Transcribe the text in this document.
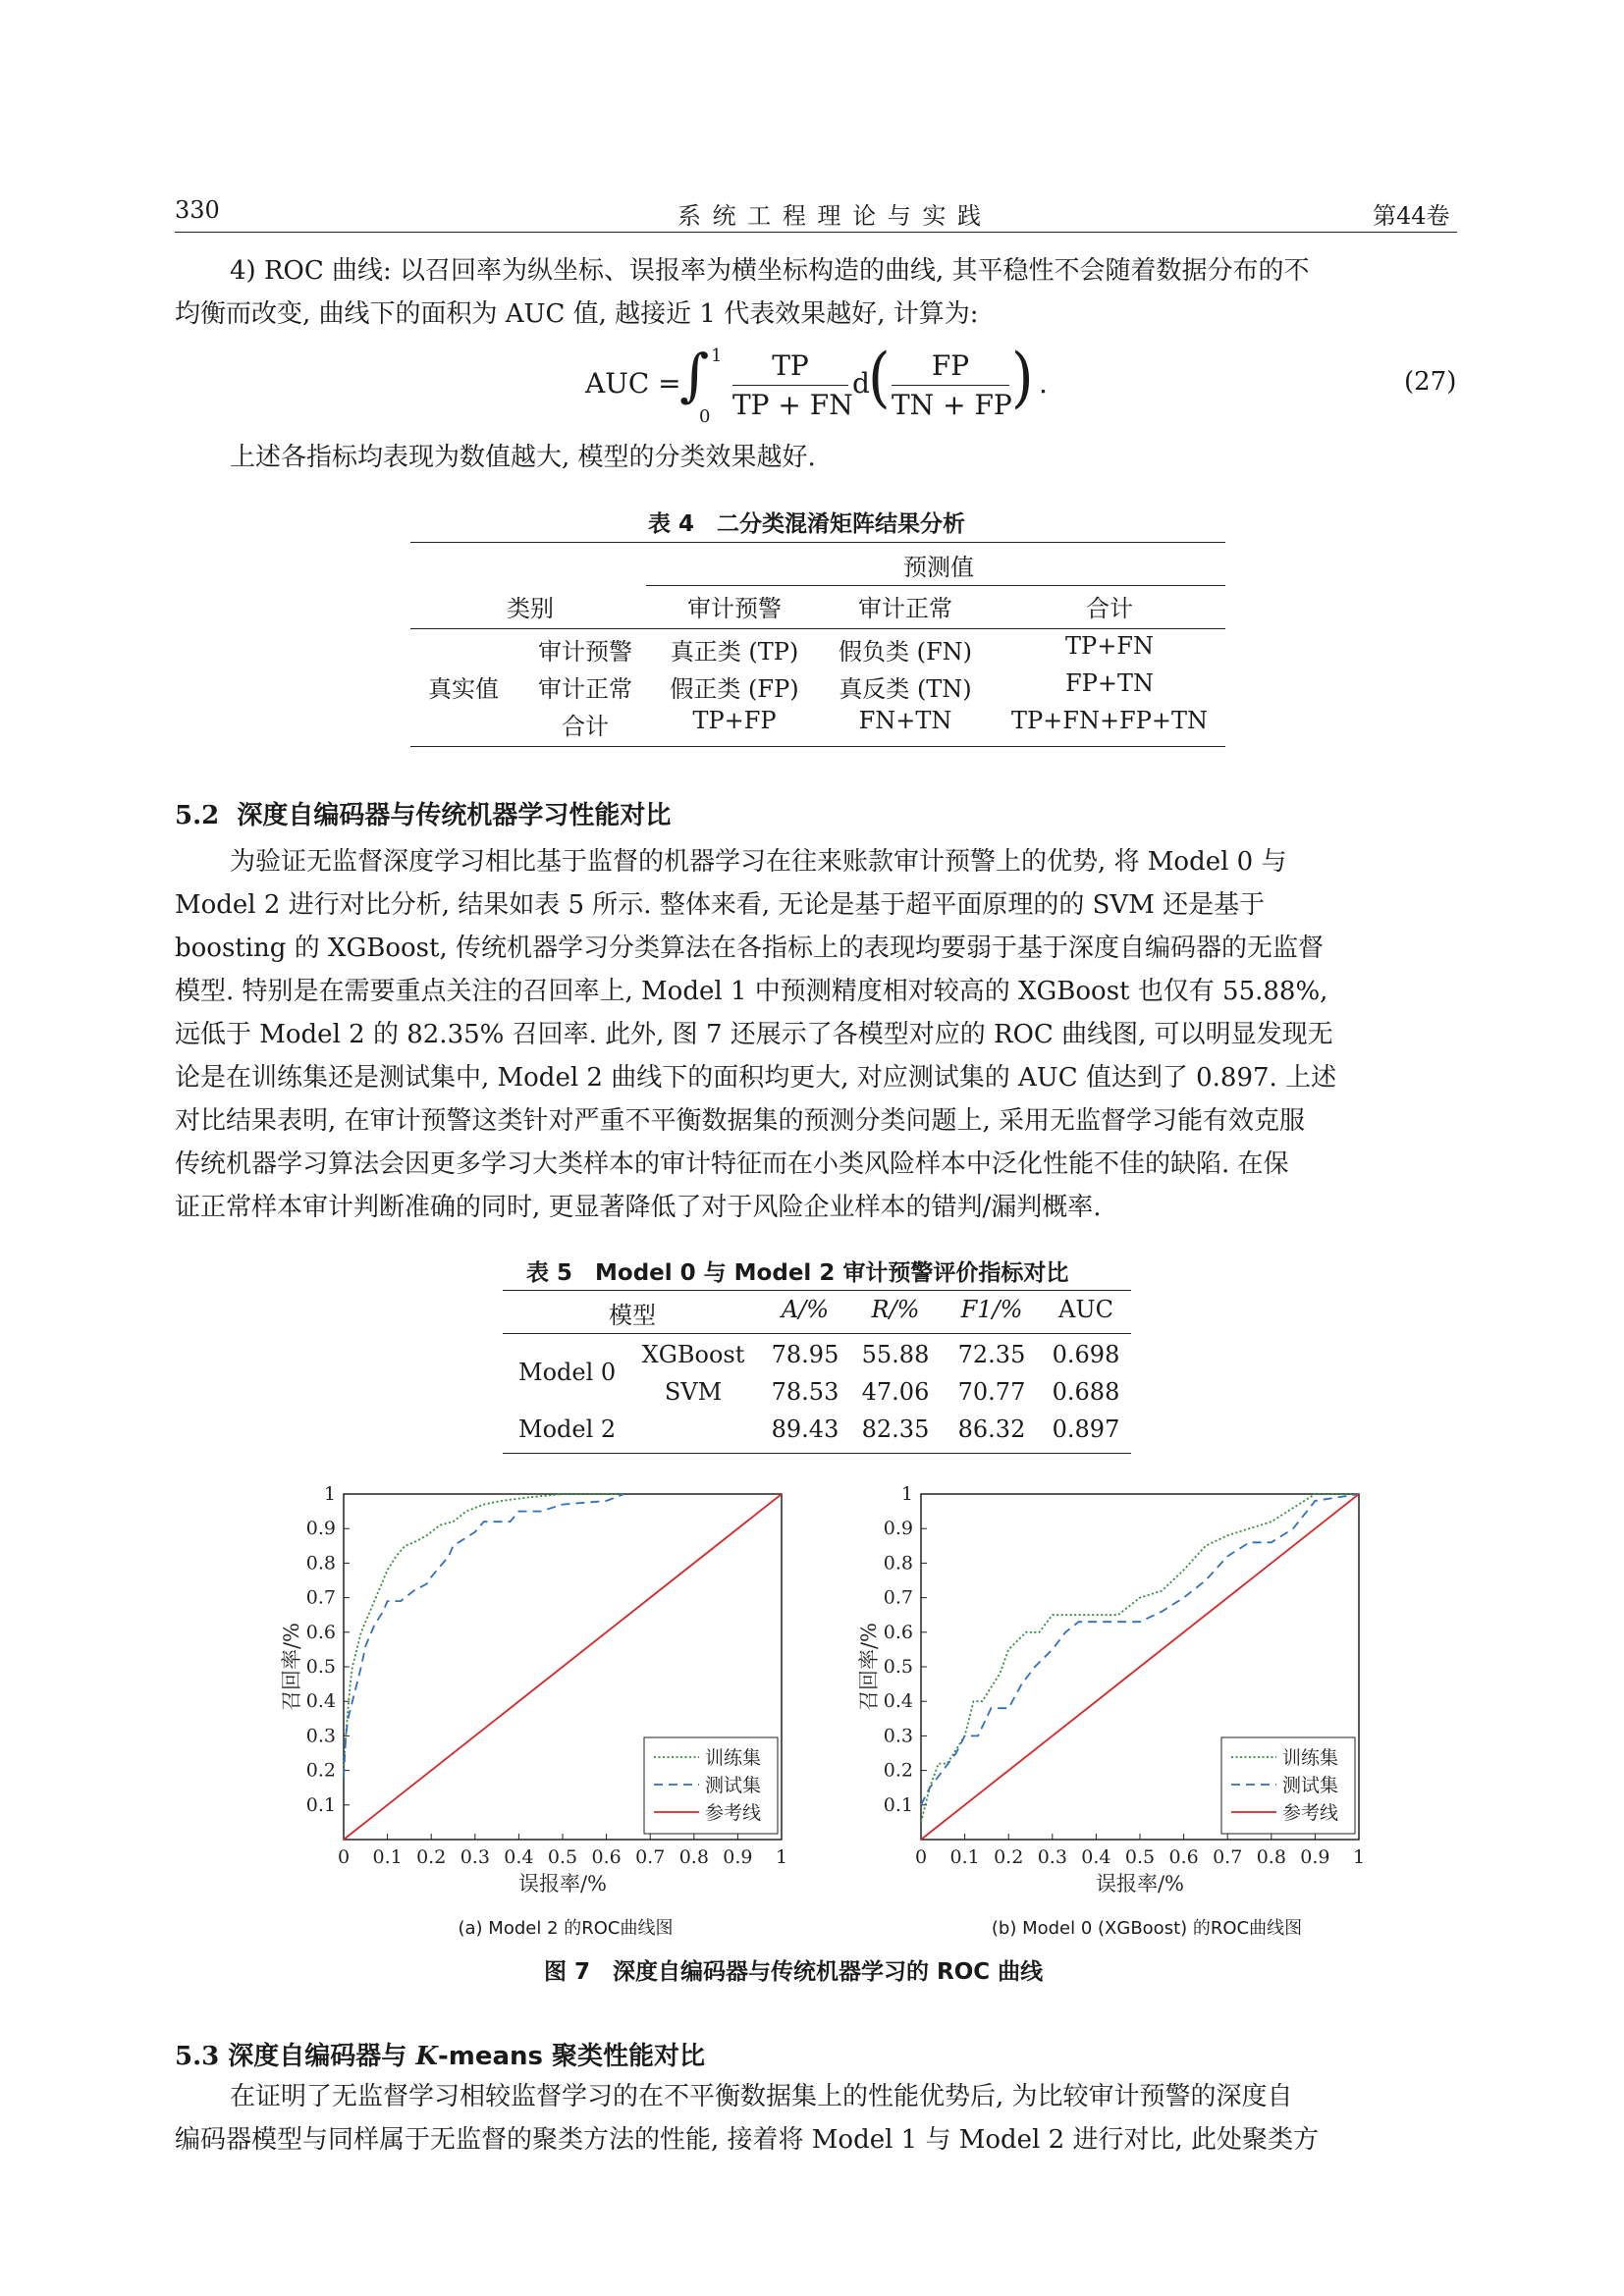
330	系 统 工 程 理 论 与 实 践	第44卷
4) ROC 曲线: 以召回率为纵坐标、误报率为横坐标构造的曲线, 其平稳性不会随着数据分布的不
均衡而改变, 曲线下的面积为 AUC 值, 越接近 1 代表效果越好, 计算为:
AUC =
∫ 1
0
TP
TP + FN
d
(	FP
TN + FP ) .	(27)
上述各指标均表现为数值越大, 模型的分类效果越好.
表 4　二分类混淆矩阵结果分析
预测值
类别	审计预警	审计正常	合计
真实值
审计预警 真正类 (TP) 假负类 (FN)	TP+FN
审计正常 假正类 (FP) 真反类 (TN)	FP+TN
合计	TP+FP	FN+TN	TP+FN+FP+TN
5.2 深度自编码器与传统机器学习性能对比
为验证无监督深度学习相比基于监督的机器学习在往来账款审计预警上的优势, 将 Model 0 与
Model 2 进行对比分析, 结果如表 5 所示. 整体来看, 无论是基于超平面原理的的 SVM 还是基于
boosting 的 XGBoost, 传统机器学习分类算法在各指标上的表现均要弱于基于深度自编码器的无监督
模型. 特别是在需要重点关注的召回率上, Model 1 中预测精度相对较高的 XGBoost 也仅有 55.88%,
远低于 Model 2 的 82.35% 召回率. 此外, 图 7 还展示了各模型对应的 ROC 曲线图, 可以明显发现无
论是在训练集还是测试集中, Model 2 曲线下的面积均更大, 对应测试集的 AUC 值达到了 0.897. 上述
对比结果表明, 在审计预警这类针对严重不平衡数据集的预测分类问题上, 采用无监督学习能有效克服
传统机器学习算法会因更多学习大类样本的审计特征而在小类风险样本中泛化性能不佳的缺陷. 在保
证正常样本审计判断准确的同时, 更显著降低了对于风险企业样本的错判/漏判概率.
表 5　Model 0 与 Model 2 审计预警评价指标对比
模型	A/% R/% F1/% AUC
Model 0
XGBoost 78.95 55.88 72.35 0.698
SVM 78.53 47.06 70.77 0.688
Model 2	89.43 82.35 86.32 0.897
0 0.1 0.2 0.3 0.4 0.5 0.6 0.7 0.8 0.9 1
0.1
0.2
0.3
0.4
0.5
0.6
0.7
0.8
0.9
1
误报率/%
召回率/%
训练集
测试集
参考线
0 0.1 0.2 0.3 0.4 0.5 0.6 0.7 0.8 0.9 1
0.1
0.2
0.3
0.4
0.5
0.6
0.7
0.8
0.9
1
误报率/%
召回率/%
训练集
测试集
参考线
(a) Model 2 的ROC曲线图	(b) Model 0 (XGBoost) 的ROC曲线图
图 7　深度自编码器与传统机器学习的 ROC 曲线
5.3 深度自编码器与 K-means 聚类性能对比
在证明了无监督学习相较监督学习的在不平衡数据集上的性能优势后, 为比较审计预警的深度自
编码器模型与同样属于无监督的聚类方法的性能, 接着将 Model 1 与 Model 2 进行对比, 此处聚类方
